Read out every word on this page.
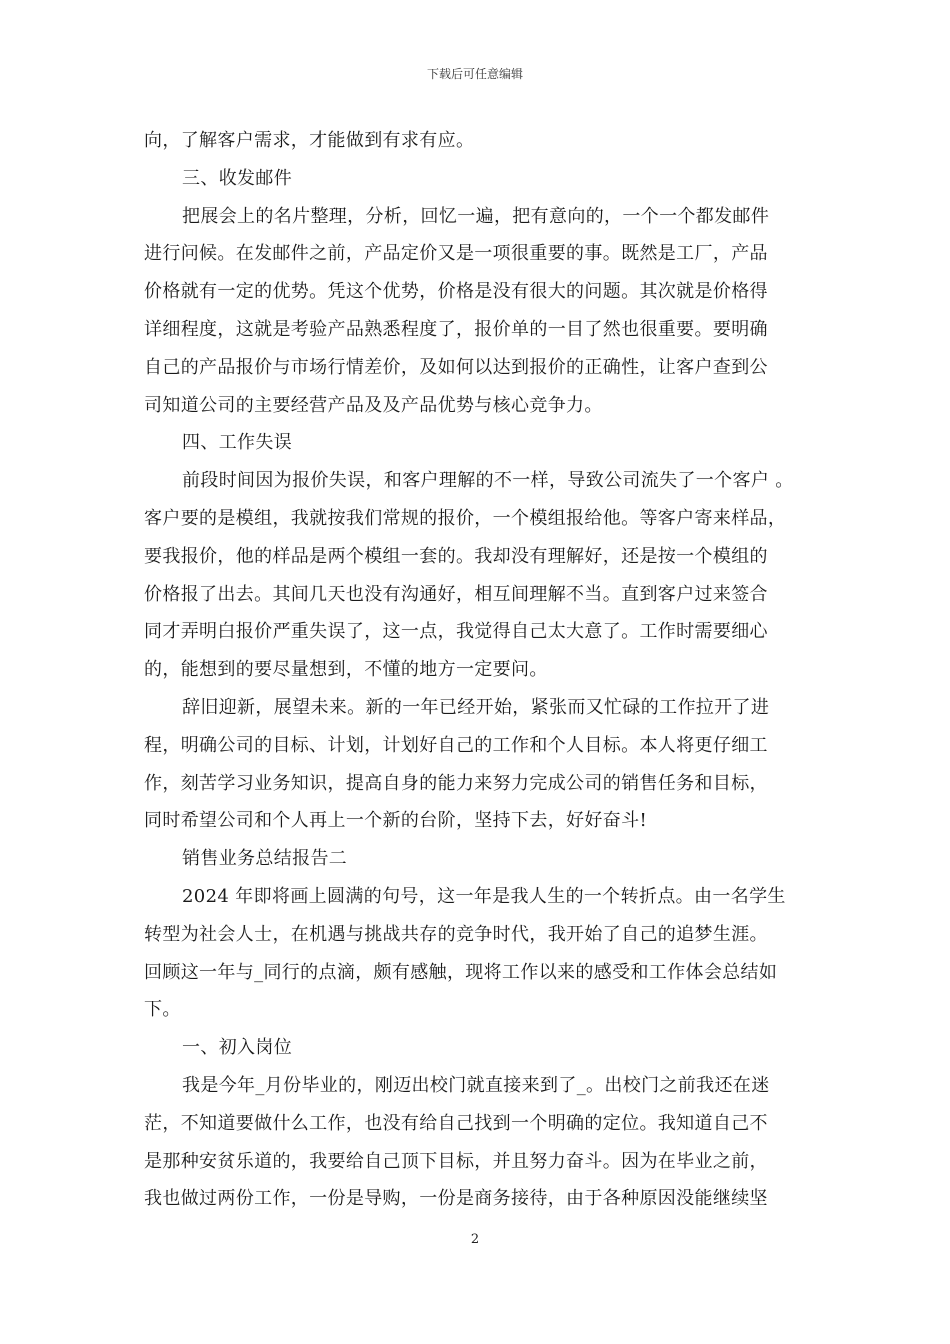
下载后可任意编辑
向，了解客户需求，才能做到有求有应。
三、收发邮件
把展会上的名片整理，分析，回忆一遍，把有意向的，一个一个都发邮件
进行问候。在发邮件之前，产品定价又是一项很重要的事。既然是工厂，产品
价格就有一定的优势。凭这个优势，价格是没有很大的问题。其次就是价格得
详细程度，这就是考验产品熟悉程度了，报价单的一目了然也很重要。要明确
自己的产品报价与市场行情差价，及如何以达到报价的正确性，让客户查到公
司知道公司的主要经营产品及及产品优势与核心竞争力。
四、工作失误
前段时间因为报价失误，和客户理解的不一样，导致公司流失了一个客户 。
客户要的是模组，我就按我们常规的报价，一个模组报给他。等客户寄来样品，
要我报价，他的样品是两个模组一套的。我却没有理解好，还是按一个模组的
价格报了出去。其间几天也没有沟通好，相互间理解不当。直到客户过来签合
同才弄明白报价严重失误了，这一点，我觉得自己太大意了。工作时需要细心
的，能想到的要尽量想到，不懂的地方一定要问。
辞旧迎新，展望未来。新的一年已经开始，紧张而又忙碌的工作拉开了进
程，明确公司的目标、计划，计划好自己的工作和个人目标。本人将更仔细工
作，刻苦学习业务知识，提高自身的能力来努力完成公司的销售任务和目标，
同时希望公司和个人再上一个新的台阶，坚持下去，好好奋斗!
销售业务总结报告二
2024 年即将画上圆满的句号，这一年是我人生的一个转折点。由一名学生
转型为社会人士，在机遇与挑战共存的竞争时代，我开始了自己的追梦生涯。
回顾这一年与_同行的点滴，颇有感触，现将工作以来的感受和工作体会总结如
下。
一、初入岗位
我是今年_月份毕业的，刚迈出校门就直接来到了_。出校门之前我还在迷
茫，不知道要做什么工作，也没有给自己找到一个明确的定位。我知道自己不
是那种安贫乐道的，我要给自己顶下目标，并且努力奋斗。因为在毕业之前，
我也做过两份工作，一份是导购，一份是商务接待，由于各种原因没能继续坚
2
